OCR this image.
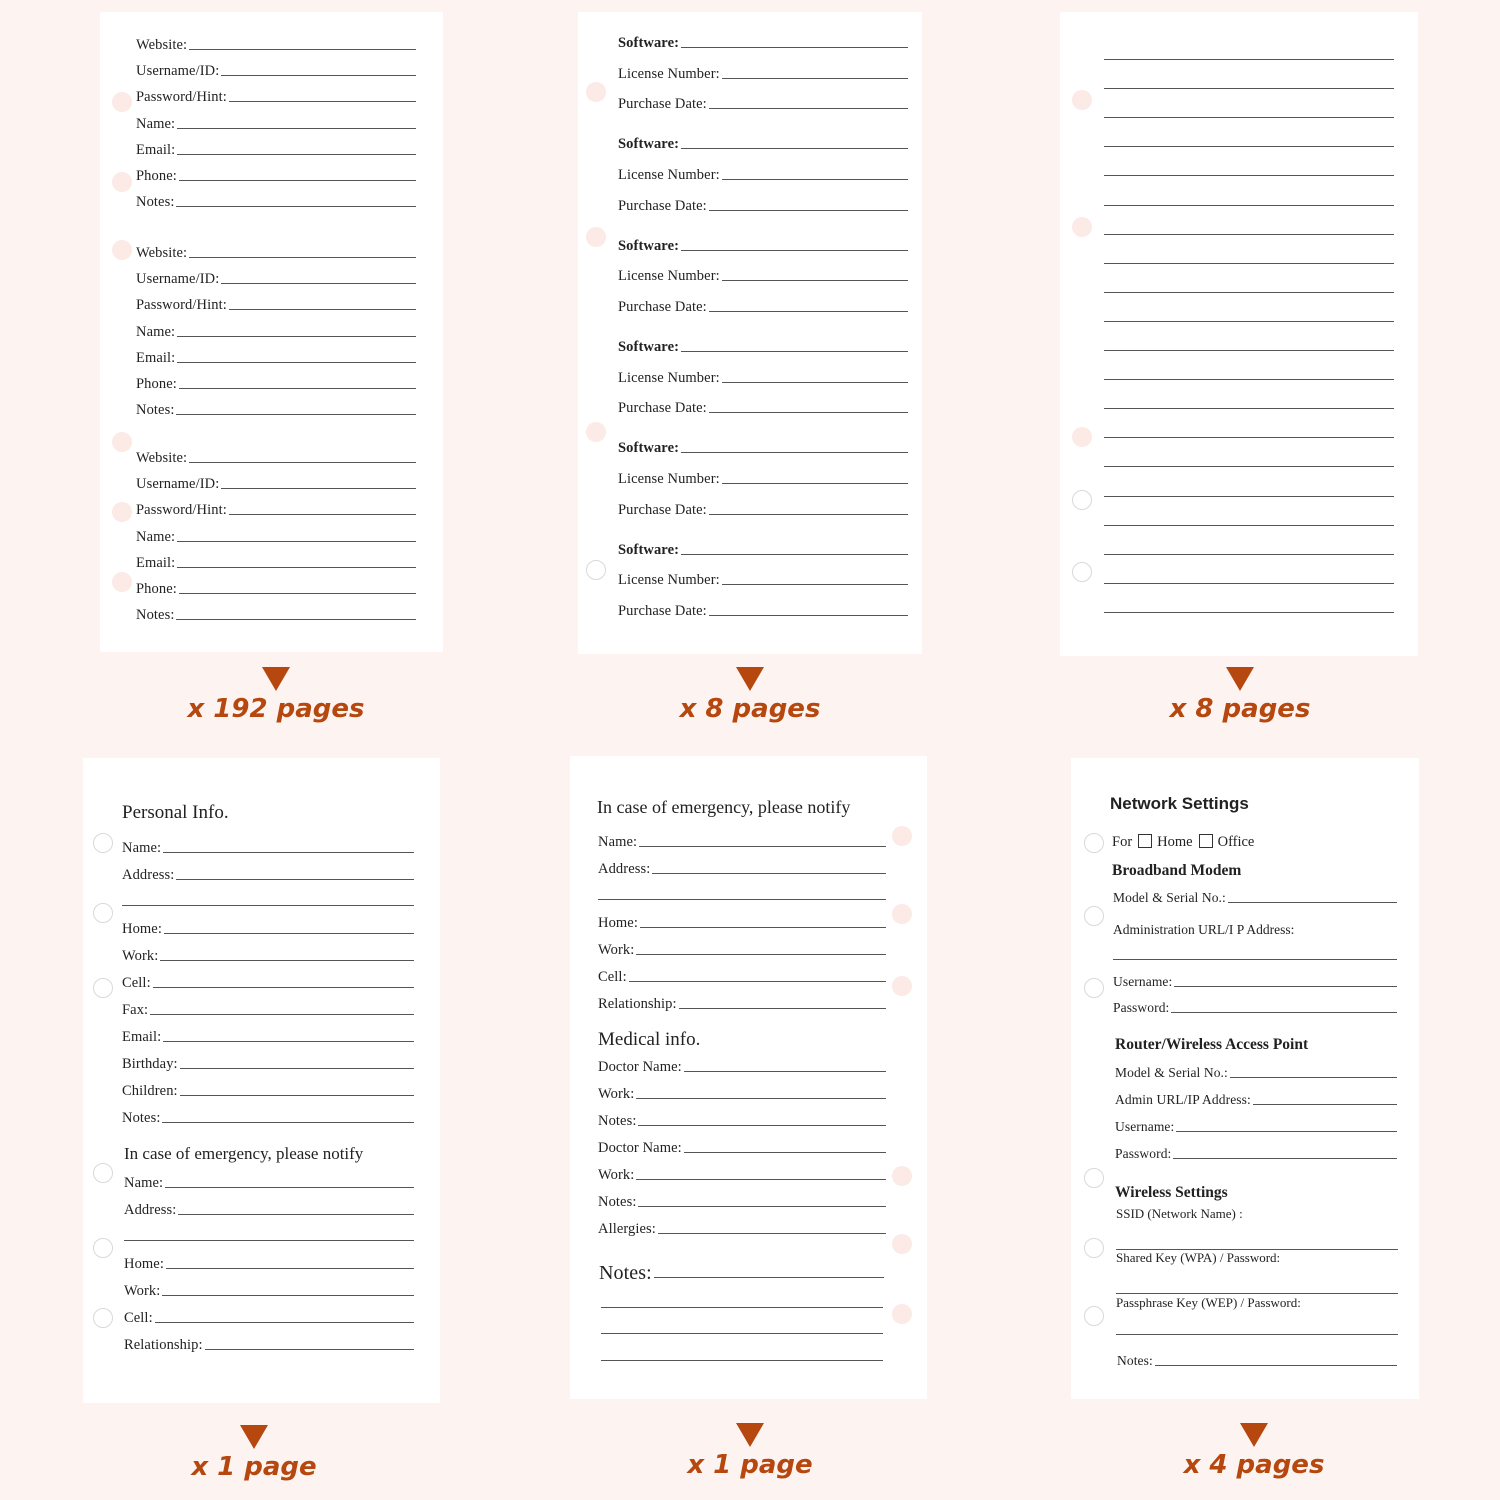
Website:
Username/ID:
Password/Hint:
Name:
Email:
Phone:
Notes:
Website:
Username/ID:
Password/Hint:
Name:
Email:
Phone:
Notes:
Website:
Username/ID:
Password/Hint:
Name:
Email:
Phone:
Notes:
x 192 pages
Software:
License Number:
Purchase Date:
Software:
License Number:
Purchase Date:
Software:
License Number:
Purchase Date:
Software:
License Number:
Purchase Date:
Software:
License Number:
Purchase Date:
Software:
License Number:
Purchase Date:
x 8 pages	x 8 pages
Personal Info.
Name:
Address:
Home:
Work:
Cell:
Fax:
Email:
Birthday:
Children:
Notes:
In case of emergency, please notify
Name:
Address:
Home:
Work:
Cell:
Relationship:
x 1 page
In case of emergency, please notify
Name:
Address:
Home:
Work:
Cell:
Relationship:
Medical info.
Doctor Name:
Work:
Notes:
Doctor Name:
Work:
Notes:
Allergies:
Notes:
x 1 page
Network Settings
For Home Office
Broadband Modem
Model & Serial No.:
Administration URL/I P Address:
Username:
Password:
Router/Wireless Access Point
Model & Serial No.:
Admin URL/IP Address:
Username:
Password:
Wireless Settings
SSID (Network Name) :
Shared Key (WPA) / Password:
Passphrase Key (WEP) / Password:
Notes:
x 4 pages
